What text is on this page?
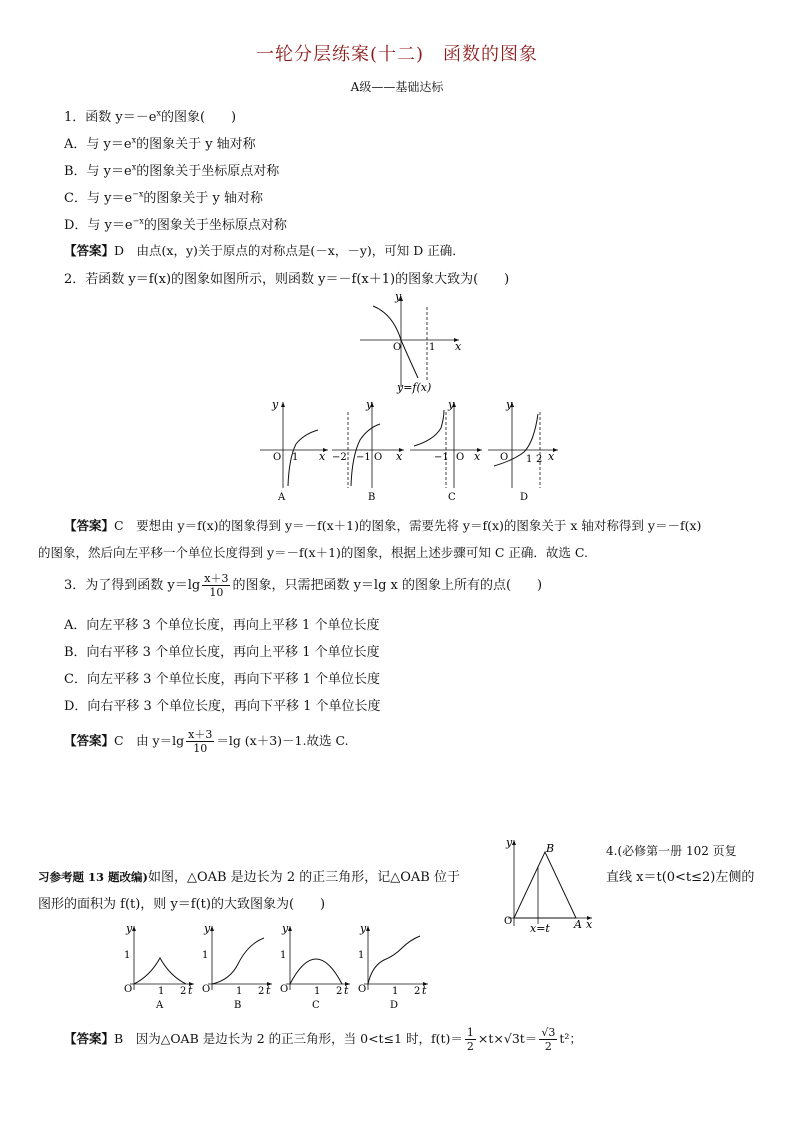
一轮分层练案(十二)　函数的图象
A级——基础达标
1．函数 $y=-e^x$的图象(　　)
A．与 $y=e^x$的图象关于 y 轴对称
B．与 $y=e^x$的图象关于坐标原点对称
C．与 $y=e^{-x}$的图象关于 y 轴对称
D．与 $y=e^{-x}$的图象关于坐标原点对称
【答案】D　由点(x，y)关于原点的对称点是(－x，－y)，可知 D 正确．
2．若函数 y＝f(x)的图象如图所示，则函数 y＝－f(x＋1)的图象大致为(　　)
y
O	1 x
y=f(x)
y
O 1 x
A
y
−2 −1 O x
B
y
−1 O x
C
y
O 1 2 x
D
【答案】C　要想由 y＝f(x)的图象得到 y＝－f(x＋1)的图象，需要先将 y＝f(x)的图象关于 x 轴对称得到 y＝－f(x)
的图象，然后向左平移一个单位长度得到 y＝－f(x＋1)的图象，根据上述步骤可知 C 正确．故选 C.
3．为了得到函数 $y=\lg \frac{x+3}{10}$ 的图象，只需把函数 y＝lg x 的图象上所有的点(　　)
A．向左平移 3 个单位长度，再向上平移 1 个单位长度
B．向右平移 3 个单位长度，再向上平移 1 个单位长度
C．向左平移 3 个单位长度，再向下平移 1 个单位长度
D．向右平移 3 个单位长度，再向下平移 1 个单位长度
【答案】C　由 $y=\lg \frac{x+3}{10} =\lg$ (x＋3)－1.故选 C.
4.(必修第一册 102 页复
习参考题 13 题改编)如图，△OAB 是边长为 2 的正三角形，记△OAB 位于	直线 x＝t(0<t≤2)左侧的
图形的面积为 f(t)，则 y＝f(t)的大致图象为(　　)
y	B
O	A x
x=t
y
O
1
1 2 t
A
y
O
1
1 2 t
B
y
O
1
1 2 t
C
y
O
1
1 2 t
D
【答案】B　因为△OAB 是边长为 2 的正三角形，当 0<t≤1 时，$f(t)= \frac{1}{2} \times t\times√3t= \frac{√3}{2} t^2$；
